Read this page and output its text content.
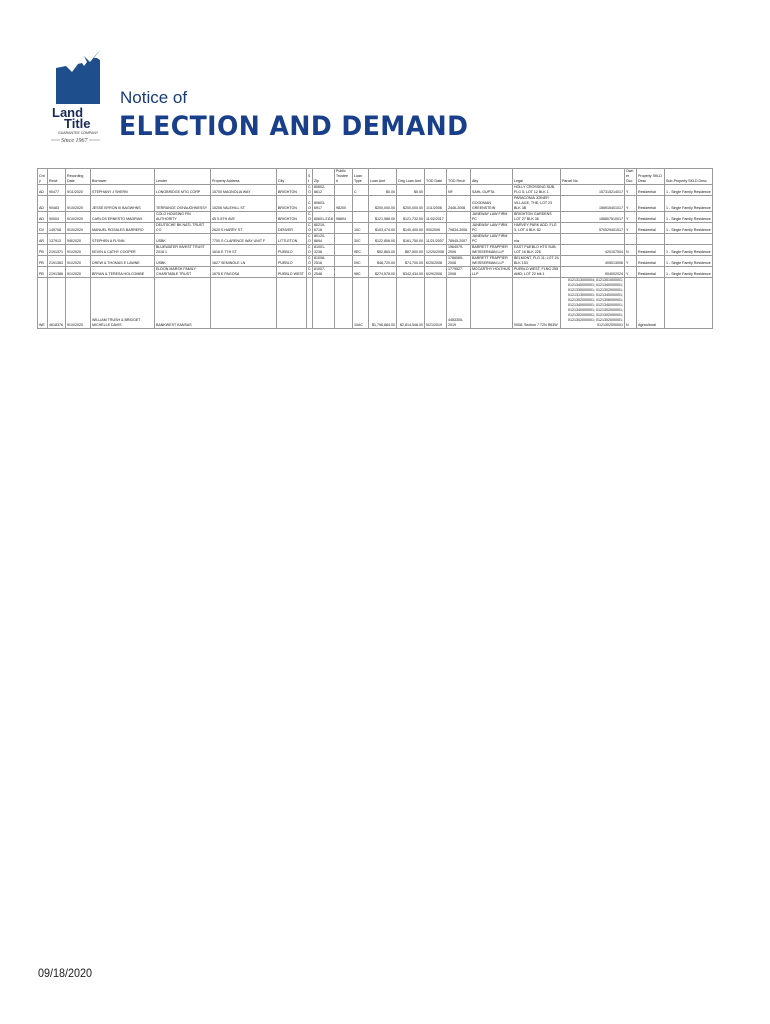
Land
Title
GUARANTEE COMPANY
Since 1967
Notice of
ELECTION AND DEMAND
Cnty	Rec#	Recording Date	Borrower	Lender	Property Address	City	St	Zip	Public Trustee #	Loan Type	Loan Amt	Orig Loan Amt	TOD Date	TOD Rec#	Atty	Legal	Parcel No	Owner Occ	Property SKLD Desc	Sub-Property SKLD Desc
AD	90477	9/11/2020	STEPHANY J SHERN	LONGBRIDGE MTG CORP	15700 MAGNOLIA WAY	BRIGHTON	CO	80602-8612		C	$0.00	$0.00		NF	SAHL GUPTA	HOLLY CROSSING SUB, FLG 5, LOT 12 BLK 1	157315214017	Y	Residential	1 - Single Family Residence
AD	90483	9/10/2020	JESSE BYRON III BAGWHNS	TERRANCE OSHAUGHNESSY	10206 VALEHILL ST	BRIGHTON	CO	80603-6917	98200		$200,000.00	$200,000.00	1/11/2008	2446-2008	GOODMAN GREENSTEIN	PARACONIA JOINER VILLAGE, THE; LOT 23 BLK 3B	156915401017	Y	Residential	1 - Single Family Residence
AD	90004	9/10/2020	CARLOS ERNESTO MADRIAS	COLO HOUSING FIN AUTHORITY	45 S 8TH AVE	BRIGHTON	CO	80601-2118	98804		$121,588.00	$121,732.00	11/02/2017		JANEWAY LAW FIRM PC	BRIGHTON GARDENS LOT 27 BLK 36	156807510017	Y	Residential	1 - Single Family Residence
DV	149708	9/10/2020	MANUEL ROSALES BARRERO	DEUTSCHE BK NATL TRUST CO	2620 S HARRY ST	DENVER	CO	80219-6718		10C	$103,474.00	$140,400.00	9/5/2006	79834-2006	JANEWAY LAW FIRM PC	HARVEY PARK ADD, FLG 3, LOT 4 BLK 82	570529401017	Y	Residential	1 - Single Family Residence
AR	137913	9/8/2020	STEPHEN A FLYNN	USBK	7700 S CLARENCE WAY UNIT F	LITTLETON	CO	80120-8694		30C	$122,806.00	$161,750.00	11/21/2007	78945-2007	JANEWAY LAW FIRM PC	n/a				
PB	2191371	9/1/2020	KEVIN & CATHY COOPER	BLUEWATER INVEST TRUST 2018 1	1616 E 7TH ST	PUEBLO	CO	81001-3236		9EC	$52,863.00	$67,500.00	12/20/2006	1964079-2006	BARRETT FRAPPIER WEISSERMAN LLP	EAST PUEBLO HTS SUB; LOT 16 BLK 226	420107004	N	Residential	1 - Single Family Residence
PB	2191363	9/1/2020	DREW & THOMAS E LAWNE	USBK	1627 SEMINOLE LN	PUEBLO	CO	81008-2516		09C	$48,720.00	$74,700.00	6/25/2008	1786065-2008	BARRETT FRAPPIER WEISSERMAN LLP	BELMONT, FLG 11; LOT 24 BLK 153	405013006	Y	Residential	1 - Single Family Residence
PB	2191386	9/1/2020	BRYAN & TERESA HOLCOMBE	ELDON MARSH FAMILY CHARITABLE TRUST	1675 E PAGOSA	PUEBLO WEST	CO	81007-2548		98C	$274,578.00	$342,434.00	6/29/2008	1779527-2008	MCCARTHY HOLTHUS LLP	PUEBLO WEST, FLNG 255 AMD; LOT 22 blk 1	904002024	Y	Residential	1 - Single Family Residence
WE	4618376	9/10/2020	WILLIAM TRUSH & BRIDGET MICHELLE DAVIS	BANKWEST KANSAS						10AC	$1,796,684.00	$2,814,548.00	5/21/2019	4483305-2019		0008: Section 7 T2N R63W	0121313000004; 0121301000001; 0121340000001; 0121340000001; 0121330000001; 0121302000001; 0121313000001; 0121340000001; 0121302000001; 0121308000001; 0121340000001; 0121340000001; 0121340000001; 0121302000001; 0121302000001; 0121302000001; 0121302000001; 0121302000001; 0121302000001	N	Agricultural	
09/18/2020
